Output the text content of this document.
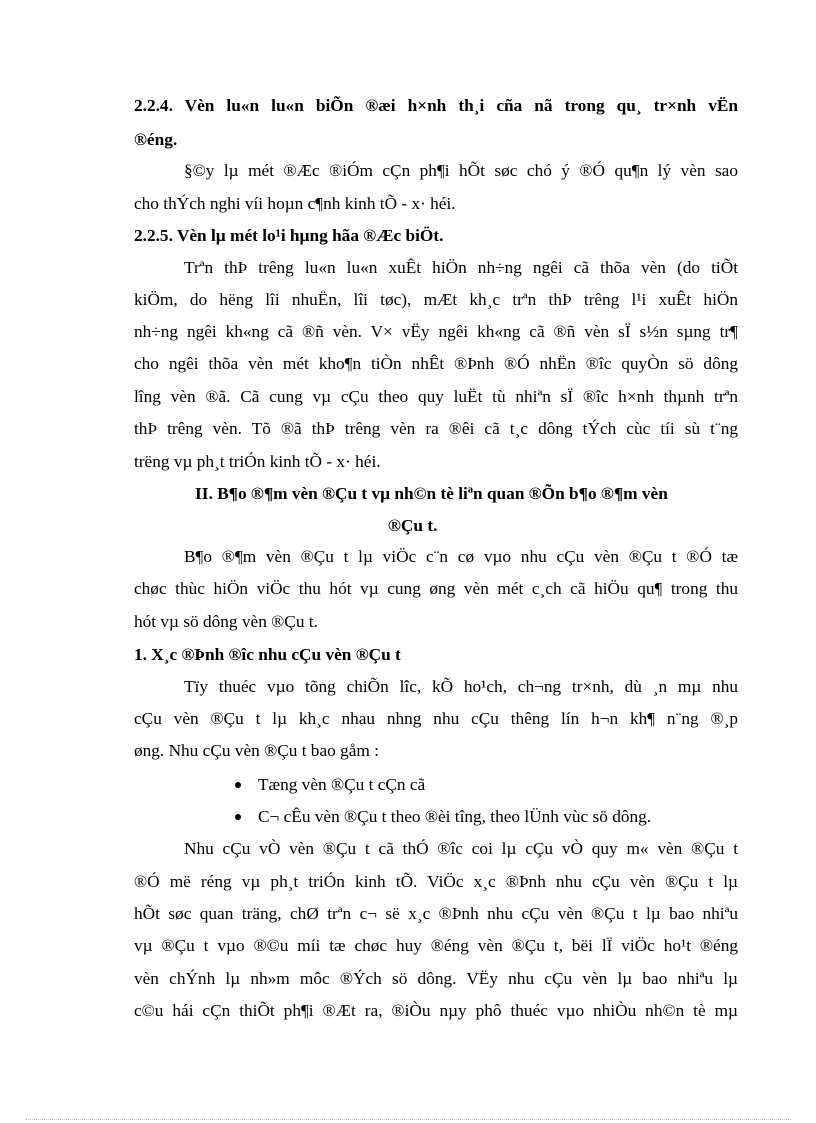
2.2.4. Vèn lu«n lu«n biÕn ®æi h×nh th¸i cña nã trong qu¸ tr×nh vËn
®éng.
§©y lµ mét ®Æc ®iÓm cÇn ph¶i hÕt søc chó ý ®Ó qu¶n lý vèn sao
cho thÝch nghi víi hoµn c¶nh kinh tÕ - x· héi.
2.2.5. Vèn lµ mét lo¹i hµng hãa ®Æc biÖt.
Trªn thÞ trêng lu«n lu«n xuÊt hiÖn nh÷ng ngêi cã thõa vèn (do tiÕt
kiÖm, do hëng lîi nhuËn, lîi tøc), mÆt kh¸c trªn thÞ trêng l¹i xuÊt hiÖn
nh÷ng ngêi kh«ng cã ®ñ vèn. V× vËy ngêi kh«ng cã ®ñ vèn sÏ s½n sµng tr¶
cho ngêi thõa vèn mét kho¶n tiÒn nhÊt ®Þnh ®Ó nhËn ®îc quyÒn sö dông
lîng vèn ®ã. Cã cung vµ cÇu theo quy luËt tù nhiªn sÏ ®îc h×nh thµnh trªn
thÞ trêng vèn. Tõ ®ã thÞ trêng vèn ra ®êi cã t¸c dông tÝch cùc tíi sù t¨ng
trëng vµ ph¸t triÓn kinh tÕ - x· héi.
II. B¶o ®¶m vèn ®Çu t vµ nh©n tè liªn quan ®Õn b¶o ®¶m vèn
®Çu t.
B¶o ®¶m vèn ®Çu t lµ viÖc c¨n cø vµo nhu cÇu vèn ®Çu t ®Ó tæ
chøc thùc hiÖn viÖc thu hót vµ cung øng vèn mét c¸ch cã hiÖu qu¶ trong thu
hót vµ sö dông vèn ®Çu t.
1. X¸c ®Þnh ®îc nhu cÇu vèn ®Çu t
Tïy thuéc vµo tõng chiÕn lîc, kÕ ho¹ch, ch¬ng tr×nh, dù ¸n mµ nhu
cÇu vèn ®Çu t lµ kh¸c nhau nhng nhu cÇu thêng lín h¬n kh¶ n¨ng ®¸p
øng. Nhu cÇu vèn ®Çu t bao gåm :
Tæng vèn ®Çu t cÇn cã
C¬ cÊu vèn ®Çu t theo ®èi tîng, theo lÜnh vùc sö dông.
Nhu cÇu vÒ vèn ®Çu t cã thÓ ®îc coi lµ cÇu vÒ quy m« vèn ®Çu t
®Ó më réng vµ ph¸t triÓn kinh tÕ. ViÖc x¸c ®Þnh nhu cÇu vèn ®Çu t lµ
hÕt søc quan träng, chØ trªn c¬ së x¸c ®Þnh nhu cÇu vèn ®Çu t lµ bao nhiªu
vµ ®Çu t vµo ®©u míi tæ chøc huy ®éng vèn ®Çu t, bëi lÏ viÖc ho¹t ®éng
vèn chÝnh lµ nh»m môc ®Ých sö dông. VËy nhu cÇu vèn lµ bao nhiªu lµ
c©u hái cÇn thiÕt ph¶i ®Æt ra, ®iÒu nµy phô thuéc vµo nhiÒu nh©n tè mµ
